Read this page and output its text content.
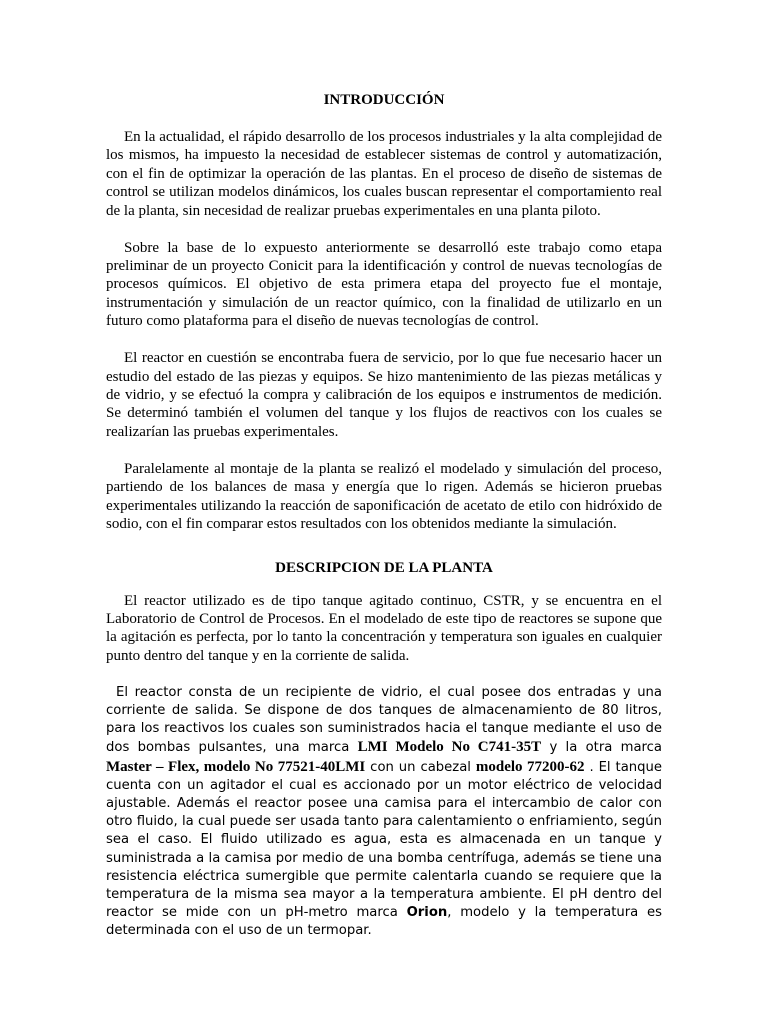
INTRODUCCIÓN

En la actualidad, el rápido desarrollo de los procesos industriales y la alta complejidad de los mismos, ha impuesto la necesidad de establecer sistemas de control y automatización, con el fin de optimizar la operación de las plantas. En el proceso de diseño de sistemas de control se utilizan modelos dinámicos, los cuales buscan representar el comportamiento real de la planta, sin necesidad de realizar pruebas experimentales en una planta piloto.

Sobre la base de lo expuesto anteriormente se desarrolló este trabajo como etapa preliminar de un proyecto Conicit para la identificación y control de nuevas tecnologías de procesos químicos. El objetivo de esta primera etapa del proyecto fue el montaje, instrumentación y simulación de un reactor químico, con la finalidad de utilizarlo en un futuro como plataforma para el diseño de nuevas tecnologías de control.

El reactor en cuestión se encontraba fuera de servicio, por lo que fue necesario hacer un estudio del estado de las piezas y equipos. Se hizo mantenimiento de las piezas metálicas y de vidrio, y se efectuó la compra y calibración de los equipos e instrumentos de medición. Se determinó también el volumen del tanque y los flujos de reactivos con los cuales se realizarían las pruebas experimentales.

Paralelamente al montaje de la planta se realizó el modelado y simulación del proceso, partiendo de los balances de masa y energía que lo rigen. Además se hicieron pruebas experimentales utilizando la reacción de saponificación de acetato de etilo con hidróxido de sodio, con el fin comparar estos resultados con los obtenidos mediante la simulación.

DESCRIPCION DE LA PLANTA

El reactor utilizado es de tipo tanque agitado continuo, CSTR, y se encuentra en el Laboratorio de Control de Procesos. En el modelado de este tipo de reactores se supone que la agitación es perfecta, por lo tanto la concentración y temperatura son iguales en cualquier punto dentro del tanque y en la corriente de salida.

El reactor consta de un recipiente de vidrio, el cual posee dos entradas y una corriente de salida. Se dispone de dos tanques de almacenamiento de 80 litros, para los reactivos los cuales son suministrados hacia el tanque mediante el uso de dos bombas pulsantes, una marca LMI Modelo No C741-35T y la otra marca Master – Flex, modelo No 77521-40LMI con un cabezal modelo 77200-62 . El tanque cuenta con un agitador el cual es accionado por un motor eléctrico de velocidad ajustable. Además el reactor posee una camisa para el intercambio de calor con otro fluido, la cual puede ser usada tanto para calentamiento o enfriamiento, según sea el caso. El fluido utilizado es agua, esta es almacenada en un tanque y suministrada a la camisa por medio de una bomba centrífuga, además se tiene una resistencia eléctrica sumergible que permite calentarla cuando se requiere que la temperatura de la misma sea mayor a la temperatura ambiente. El pH dentro del reactor se mide con un pH-metro marca Orion, modelo y la temperatura es determinada con el uso de un termopar.
